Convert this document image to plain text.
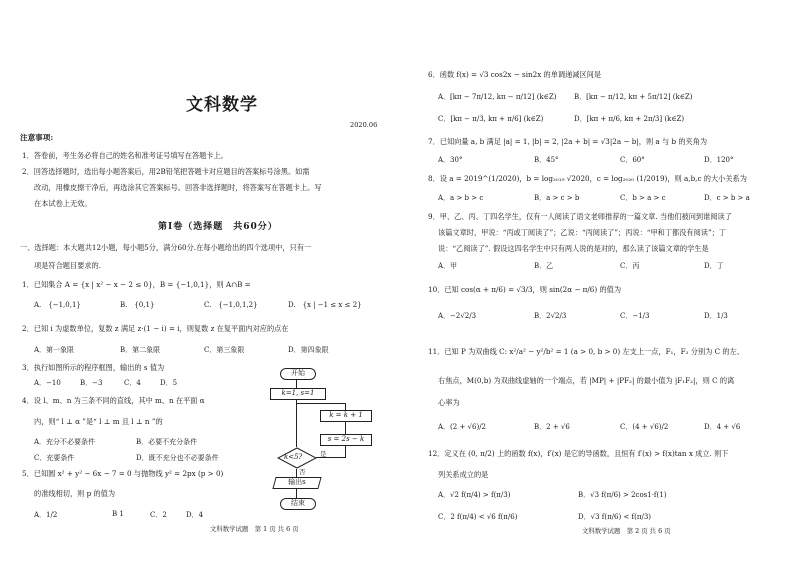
文科数学
2020.06
注意事项:
1．答卷前，考生务必将自己的姓名和准考证号填写在答题卡上。
2．回答选择题时，选出每小题答案后，用2B铅笔把答题卡对应题目的答案标号涂黑。如需
改动，用橡皮擦干净后，再选涂其它答案标号。回答非选择题时，将答案写在答题卡上。写
在本试卷上无效。
第Ⅰ卷（选择题　共60分）
一、选择题：本大题共12小题，每小题5分，满分60分.在每小题给出的四个选项中，只有一
项是符合题目要求的.
1．已知集合 A = {x | x² − x − 2 ≤ 0}，B = {−1,0,1}，则 A∩B =
A.　{−1,0,1}	B.　{0,1}	C.　{−1,0,1,2}	D.　{x | −1 ≤ x ≤ 2}
2．已知 i 为虚数单位，复数 z 满足 z·(1 − i) = i，则复数 z 在复平面内对应的点在
A．第一象限	B．第二象限	C．第三象限	D．第四象限
3．执行如图所示的程序框图，输出的 s 值为
A．−10	B．−3	C．4	D．5
4．设 l、m、n 为三条不同的直线，其中 m、n 在平面 α
内，则“ l ⊥ α ”是“ l ⊥ m 且 l ⊥ n ”的
A．充分不必要条件	B．必要不充分条件
C．充要条件	D．既不充分也不必要条件
5．已知圆 x² + y² − 6x − 7 = 0 与抛物线 y² = 2px (p > 0)
的准线相切，则 p 的值为
A．1/2	B 1	C．2	D．4
开始
k=1, s=1
k = k + 1
s = 2s − k
k<5?	是
否
输出s
结束
文科数学试题　第 1 页 共 6 页
6．函数 f(x) = √3 cos2x − sin2x 的单调递减区间是
A．[kπ − 7π/12, kπ − π/12] (k∈Z)	B．[kπ − π/12, kπ + 5π/12] (k∈Z)
C．[kπ − π/3, kπ + π/6] (k∈Z)	D．[kπ + π/6, kπ + 2π/3] (k∈Z)
7．已知向量 a, b 满足 |a| = 1, |b| = 2, |2a + b| = √3|2a − b|，则 a 与 b 的夹角为
A．30°	B．45°	C．60°	D．120°
8．设 a = 2019^(1/2020)，b = log₂₀₁₉ √2020，c = log₂₀₂₀ (1/2019)，则 a,b,c 的大小关系为
A．a > b > c	B．a > c > b	C．b > a > c	D．c > b > a
9．甲、乙、丙、丁四名学生，仅有一人阅读了语文老师推荐的一篇文章. 当他们被问到谁阅读了
该篇文章时，甲说：“丙或丁阅读了”；乙说：“丙阅读了”；丙说：“甲和丁都没有阅读”；丁
说：“乙阅读了”. 假设这四名学生中只有两人说的是对的，那么读了该篇文章的学生是
A．甲	B．乙	C．丙	D．丁
10．已知 cos(α + π/6) = √3/3，则 sin(2α − π/6) 的值为
A．−2√2/3	B．2√2/3	C．−1/3	D．1/3
11．已知 P 为双曲线 C: x²/a² − y²/b² = 1 (a > 0, b > 0) 左支上一点，F₁，F₂ 分别为 C 的左、
右焦点，M(0,b) 为双曲线虚轴的一个端点，若 |MP| + |PF₂| 的最小值为 |F₁F₂|，则 C 的离
心率为
A．(2 + √6)/2	B．2 + √6	C．(4 + √6)/2	D．4 + √6
12．定义在 (0, π/2) 上的函数 f(x)，f′(x) 是它的导函数，且恒有 f′(x) > f(x)tan x 成立. 则下
列关系成立的是
A．√2 f(π/4) > f(π/3)	B．√3 f(π/6) > 2cos1·f(1)
C．2 f(π/4) < √6 f(π/6)	D．√3 f(π/6) < f(π/3)
文科数学试题　第 2 页 共 6 页
